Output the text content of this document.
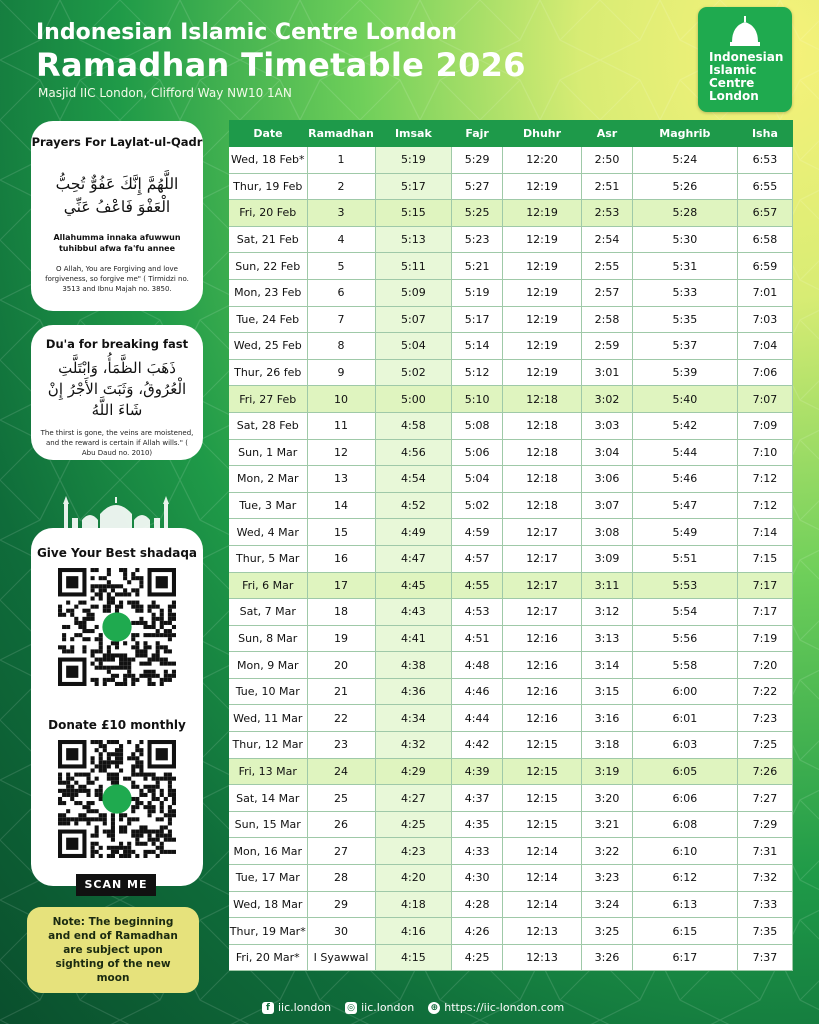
Indonesian Islamic Centre London
Ramadhan Timetable 2026
Masjid IIC London, Clifford Way NW10 1AN
Indonesian
Islamic
Centre
London
Prayers For Laylat-ul-Qadr
اللَّهُمَّ إِنَّكَ عَفُوٌّ تُحِبُّ الْعَفْوَ فَاعْفُ عَنِّي
Allahumma innaka afuwwun tuhibbul afwa fa'fu annee
O Allah, You are Forgiving and love forgiveness, so forgive me" ( Tirmidzi no. 3513 and Ibnu Majah no. 3850.
Du'a for breaking fast
ذَهَبَ الظَّمَأُ، وَابْتَلَّتِ الْعُرُوقُ، وَثَبَتَ الأَجْرُ إِنْ شَاءَ اللَّهُ
The thirst is gone, the veins are moistened, and the reward is certain if Allah wills." ( Abu Daud no. 2010)
Give Your Best shadaqa
Donate £10 monthly
SCAN ME
Note: The beginning and end of Ramadhan are subject upon sighting of the new moon
Date	Ramadhan	Imsak	Fajr	Dhuhr	Asr	Maghrib	Isha
Wed, 18 Feb*	1	5:19	5:29	12:20	2:50	5:24	6:53
Thur, 19 Feb	2	5:17	5:27	12:19	2:51	5:26	6:55
Fri, 20 Feb	3	5:15	5:25	12:19	2:53	5:28	6:57
Sat, 21 Feb	4	5:13	5:23	12:19	2:54	5:30	6:58
Sun, 22 Feb	5	5:11	5:21	12:19	2:55	5:31	6:59
Mon, 23 Feb	6	5:09	5:19	12:19	2:57	5:33	7:01
Tue, 24 Feb	7	5:07	5:17	12:19	2:58	5:35	7:03
Wed, 25 Feb	8	5:04	5:14	12:19	2:59	5:37	7:04
Thur, 26 feb	9	5:02	5:12	12:19	3:01	5:39	7:06
Fri, 27 Feb	10	5:00	5:10	12:18	3:02	5:40	7:07
Sat, 28 Feb	11	4:58	5:08	12:18	3:03	5:42	7:09
Sun, 1 Mar	12	4:56	5:06	12:18	3:04	5:44	7:10
Mon, 2 Mar	13	4:54	5:04	12:18	3:06	5:46	7:12
Tue, 3 Mar	14	4:52	5:02	12:18	3:07	5:47	7:12
Wed, 4 Mar	15	4:49	4:59	12:17	3:08	5:49	7:14
Thur, 5 Mar	16	4:47	4:57	12:17	3:09	5:51	7:15
Fri, 6 Mar	17	4:45	4:55	12:17	3:11	5:53	7:17
Sat, 7 Mar	18	4:43	4:53	12:17	3:12	5:54	7:17
Sun, 8 Mar	19	4:41	4:51	12:16	3:13	5:56	7:19
Mon, 9 Mar	20	4:38	4:48	12:16	3:14	5:58	7:20
Tue, 10 Mar	21	4:36	4:46	12:16	3:15	6:00	7:22
Wed, 11 Mar	22	4:34	4:44	12:16	3:16	6:01	7:23
Thur, 12 Mar	23	4:32	4:42	12:15	3:18	6:03	7:25
Fri, 13 Mar	24	4:29	4:39	12:15	3:19	6:05	7:26
Sat, 14 Mar	25	4:27	4:37	12:15	3:20	6:06	7:27
Sun, 15 Mar	26	4:25	4:35	12:15	3:21	6:08	7:29
Mon, 16 Mar	27	4:23	4:33	12:14	3:22	6:10	7:31
Tue, 17 Mar	28	4:20	4:30	12:14	3:23	6:12	7:32
Wed, 18 Mar	29	4:18	4:28	12:14	3:24	6:13	7:33
Thur, 19 Mar*	30	4:16	4:26	12:13	3:25	6:15	7:35
Fri, 20 Mar*	I Syawwal	4:15	4:25	12:13	3:26	6:17	7:37
f iic.london ◎ iic.london ⊕ https://iic-london.com
